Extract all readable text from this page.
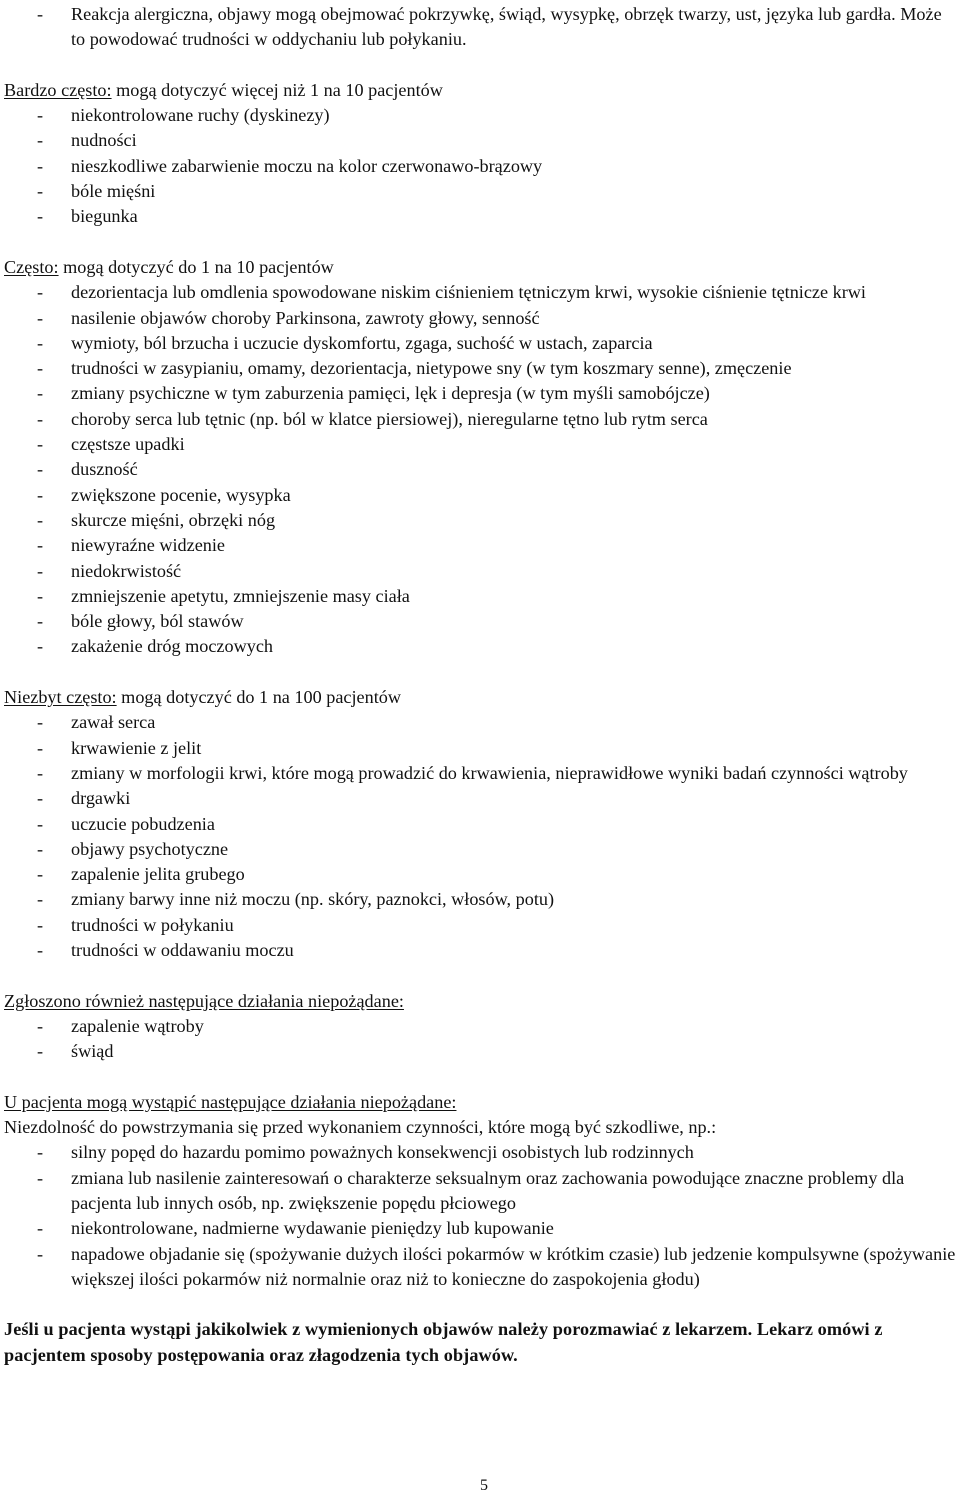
- Reakcja alergiczna, objawy mogą obejmować pokrzywkę, świąd, wysypkę, obrzęk twarzy, ust, języka lub gardła. Może to powodować trudności w oddychaniu lub połykaniu.

Bardzo często: mogą dotyczyć więcej niż 1 na 10 pacjentów

- niekontrolowane ruchy (dyskinezy)
- nudności
- nieszkodliwe zabarwienie moczu na kolor czerwonawo-brązowy
- bóle mięśni
- biegunka

Często: mogą dotyczyć do 1 na 10 pacjentów

- dezorientacja lub omdlenia spowodowane niskim ciśnieniem tętniczym krwi, wysokie ciśnienie tętnicze krwi
- nasilenie objawów choroby Parkinsona, zawroty głowy, senność
- wymioty, ból brzucha i uczucie dyskomfortu, zgaga, suchość w ustach, zaparcia
- trudności w zasypianiu, omamy, dezorientacja, nietypowe sny (w tym koszmary senne), zmęczenie
- zmiany psychiczne w tym zaburzenia pamięci, lęk i depresja (w tym myśli samobójcze)
- choroby serca lub tętnic (np. ból w klatce piersiowej), nieregularne tętno lub rytm serca
- częstsze upadki
- duszność
- zwiększone pocenie, wysypka
- skurcze mięśni, obrzęki nóg
- niewyraźne widzenie
- niedokrwistość
- zmniejszenie apetytu, zmniejszenie masy ciała
- bóle głowy, ból stawów
- zakażenie dróg moczowych

Niezbyt często: mogą dotyczyć do 1 na 100 pacjentów

- zawał serca
- krwawienie z jelit
- zmiany w morfologii krwi, które mogą prowadzić do krwawienia, nieprawidłowe wyniki badań czynności wątroby
- drgawki
- uczucie pobudzenia
- objawy psychotyczne
- zapalenie jelita grubego
- zmiany barwy inne niż moczu (np. skóry, paznokci, włosów, potu)
- trudności w połykaniu
- trudności w oddawaniu moczu

Zgłoszono również następujące działania niepożądane:

- zapalenie wątroby
- świąd

U pacjenta mogą wystąpić następujące działania niepożądane:

Niezdolność do powstrzymania się przed wykonaniem czynności, które mogą być szkodliwe, np.:

- silny popęd do hazardu pomimo poważnych konsekwencji osobistych lub rodzinnych
- zmiana lub nasilenie zainteresowań o charakterze seksualnym oraz zachowania powodujące znaczne problemy dla pacjenta lub innych osób, np. zwiększenie popędu płciowego
- niekontrolowane, nadmierne wydawanie pieniędzy lub kupowanie
- napadowe objadanie się (spożywanie dużych ilości pokarmów w krótkim czasie) lub jedzenie kompulsywne (spożywanie większej ilości pokarmów niż normalnie oraz niż to konieczne do zaspokojenia głodu)

Jeśli u pacjenta wystąpi jakikolwiek z wymienionych objawów należy porozmawiać z lekarzem. Lekarz omówi z pacjentem sposoby postępowania oraz złagodzenia tych objawów.

5
